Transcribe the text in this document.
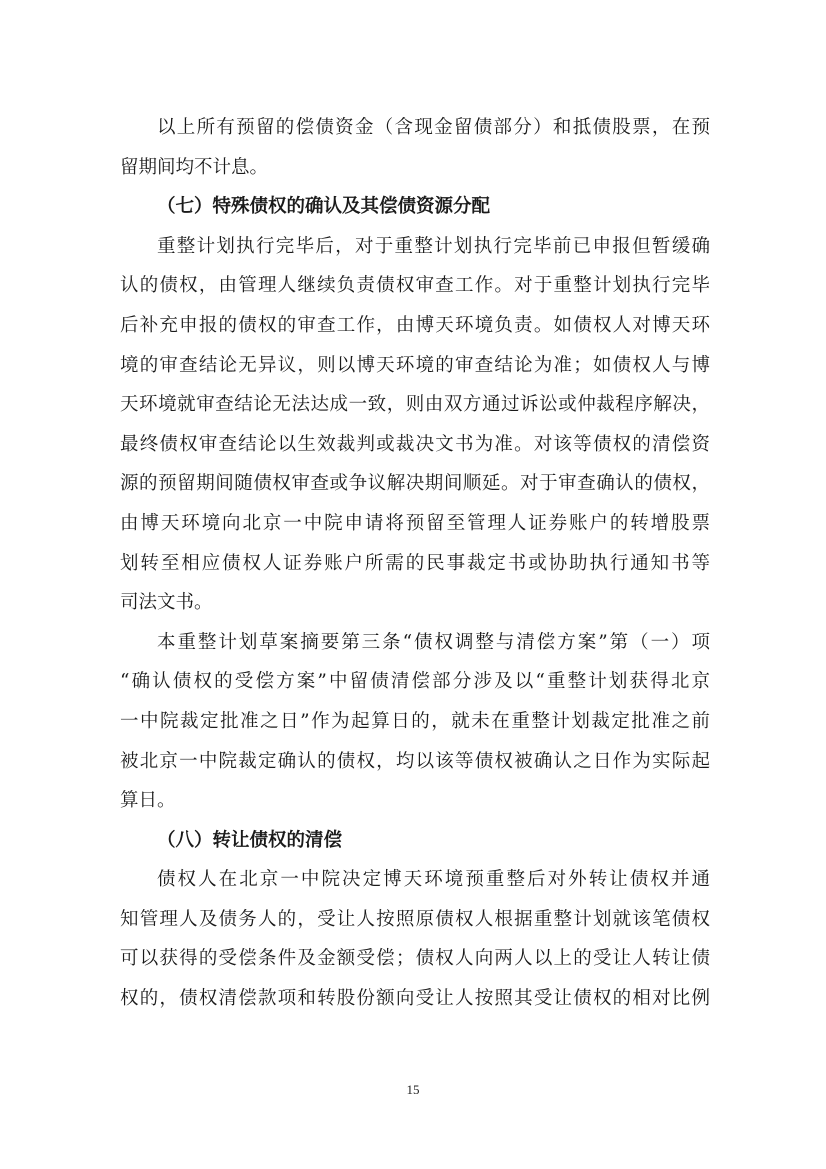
以上所有预留的偿债资金（含现金留债部分）和抵债股票，在预
留期间均不计息。
（七）特殊债权的确认及其偿债资源分配
重整计划执行完毕后，对于重整计划执行完毕前已申报但暂缓确
认的债权，由管理人继续负责债权审查工作。对于重整计划执行完毕
后补充申报的债权的审查工作，由博天环境负责。如债权人对博天环
境的审查结论无异议，则以博天环境的审查结论为准；如债权人与博
天环境就审查结论无法达成一致，则由双方通过诉讼或仲裁程序解决，
最终债权审查结论以生效裁判或裁决文书为准。对该等债权的清偿资
源的预留期间随债权审查或争议解决期间顺延。对于审查确认的债权，
由博天环境向北京一中院申请将预留至管理人证券账户的转增股票
划转至相应债权人证券账户所需的民事裁定书或协助执行通知书等
司法文书。
本重整计划草案摘要第三条“债权调整与清偿方案”第（一）项
“确认债权的受偿方案”中留债清偿部分涉及以“重整计划获得北京
一中院裁定批准之日”作为起算日的，就未在重整计划裁定批准之前
被北京一中院裁定确认的债权，均以该等债权被确认之日作为实际起
算日。
（八）转让债权的清偿
债权人在北京一中院决定博天环境预重整后对外转让债权并通
知管理人及债务人的，受让人按照原债权人根据重整计划就该笔债权
可以获得的受偿条件及金额受偿；债权人向两人以上的受让人转让债
权的，债权清偿款项和转股份额向受让人按照其受让债权的相对比例
15
